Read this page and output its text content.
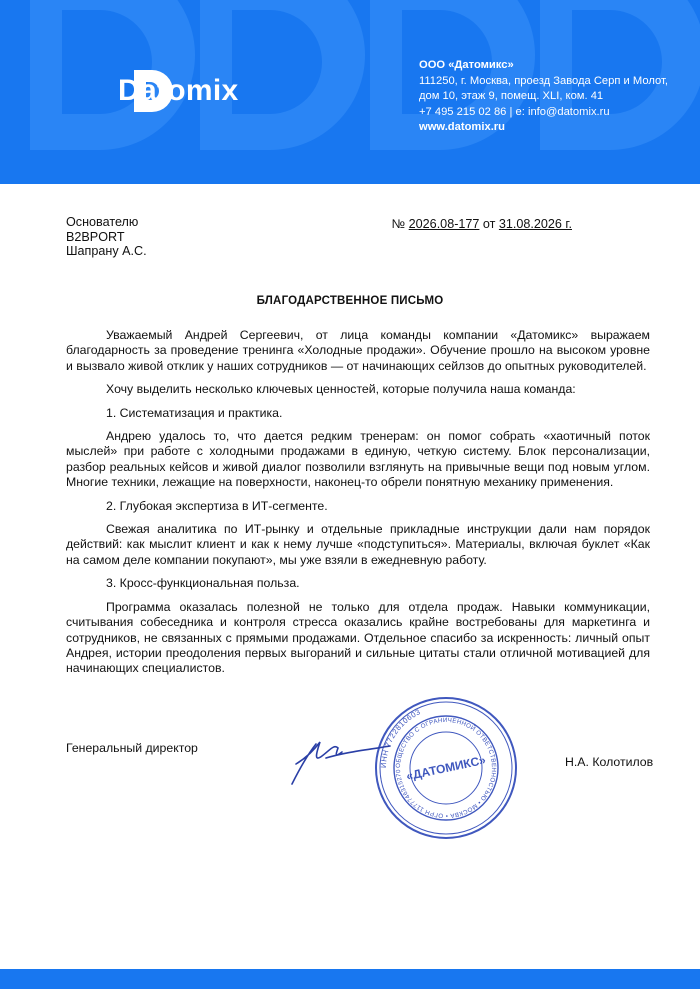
Datomix
ООО «Датомикс»
111250, г. Москва, проезд Завода Серп и Молот,
дом 10, этаж 9, помещ. XLI, ком. 41
+7 495 215 02 86 | e: info@datomix.ru
www.datomix.ru
Основателю
B2BPORT
Шапрану А.С.
№ 2026.08-177 от 31.08.2026 г.
БЛАГОДАРСТВЕННОЕ ПИСЬМО

Уважаемый Андрей Сергеевич, от лица команды компании «Датомикс» выражаем благодарность за проведение тренинга «Холодные продажи». Обучение прошло на высоком уровне и вызвало живой отклик у наших сотрудников — от начинающих сейлзов до опытных руководителей.

Хочу выделить несколько ключевых ценностей, которые получила наша команда:

1. Систематизация и практика.

Андрею удалось то, что дается редким тренерам: он помог собрать «хаотичный поток мыслей» при работе с холодными продажами в единую, четкую систему. Блок персонализации, разбор реальных кейсов и живой диалог позволили взглянуть на привычные вещи под новым углом. Многие техники, лежащие на поверхности, наконец-то обрели понятную механику применения.

2. Глубокая экспертиза в ИТ-сегменте.

Свежая аналитика по ИТ-рынку и отдельные прикладные инструкции дали нам порядок действий: как мыслит клиент и как к нему лучше «подступиться». Материалы, включая буклет «Как на самом деле компании покупают», мы уже взяли в ежедневную работу.

3. Кросс-функциональная польза.

Программа оказалась полезной не только для отдела продаж. Навыки коммуникации, считывания собеседника и контроля стресса оказались крайне востребованы для маркетинга и сотрудников, не связанных с прямыми продажами. Отдельное спасибо за искренность: личный опыт Андрея, истории преодоления первых выгораний и сильные цитаты стали отличной мотивацией для начинающих специалистов.

Генеральный директор
ИНН 7722810603
ОБЩЕСТВО С ОГРАНИЧЕННОЙ ОТВЕТСТВЕННОСТЬЮ • МОСКВА • ОГРН 1177746315270 «ДАТОМИКС»	Н.А. Колотилов
